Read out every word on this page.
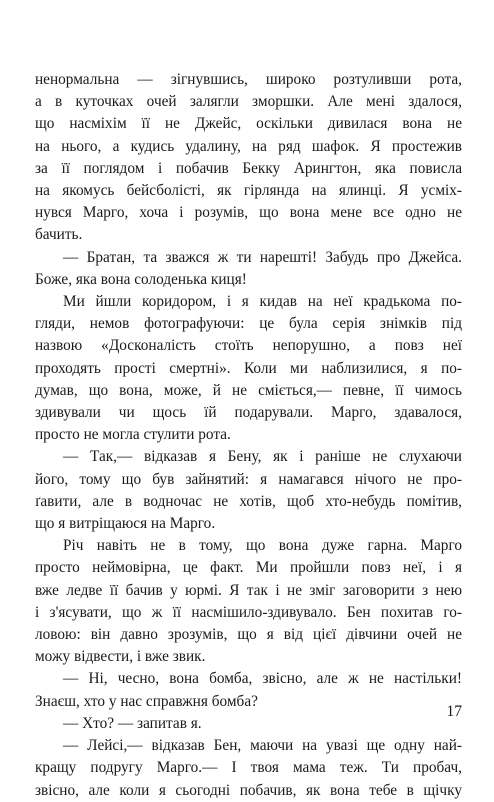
ненормальна — зігнувшись, широко розтуливши рота,
а в куточках очей залягли зморшки. Але мені здалося,
що насміхім її не Джейс, оскільки дивилася вона не
на нього, а кудись удалину, на ряд шафок. Я простежив
за її поглядом і побачив Бекку Арингтон, яка повисла
на якомусь бейсболісті, як гірлянда на ялинці. Я усміх-
нувся Марго, хоча і розумів, що вона мене все одно не
бачить.
— Братан, та зважся ж ти нарешті! Забудь про Джейса.
Боже, яка вона солоденька киця!
Ми йшли коридором, і я кидав на неї крадькома по-
гляди, немов фотографуючи: це була серія знімків під
назвою «Досконалість стоїть непорушно, а повз неї
проходять прості смертні». Коли ми наблизилися, я по-
думав, що вона, може, й не сміється,— певне, її чимось
здивували чи щось їй подарували. Марго, здавалося,
просто не могла стулити рота.
— Так,— відказав я Бену, як і раніше не слухаючи
його, тому що був зайнятий: я намагався нічого не про-
ґавити, але в водночас не хотів, щоб хто-небудь помітив,
що я витріщаюся на Марго.
Річ навіть не в тому, що вона дуже гарна. Марго
просто неймовірна, це факт. Ми пройшли повз неї, і я
вже ледве її бачив у юрмі. Я так і не зміг заговорити з нею
і з'ясувати, що ж її насмішило-здивувало. Бен похитав го-
ловою: він давно зрозумів, що я від цієї дівчини очей не
можу відвести, і вже звик.
— Ні, чесно, вона бомба, звісно, але ж не настільки!
Знаєш, хто у нас справжня бомба?
— Хто? — запитав я.
— Лейсі,— відказав Бен, маючи на увазі ще одну най-
кращу подругу Марго.— І твоя мама теж. Ти пробач,
звісно, але коли я сьогодні побачив, як вона тебе в щічку
17
